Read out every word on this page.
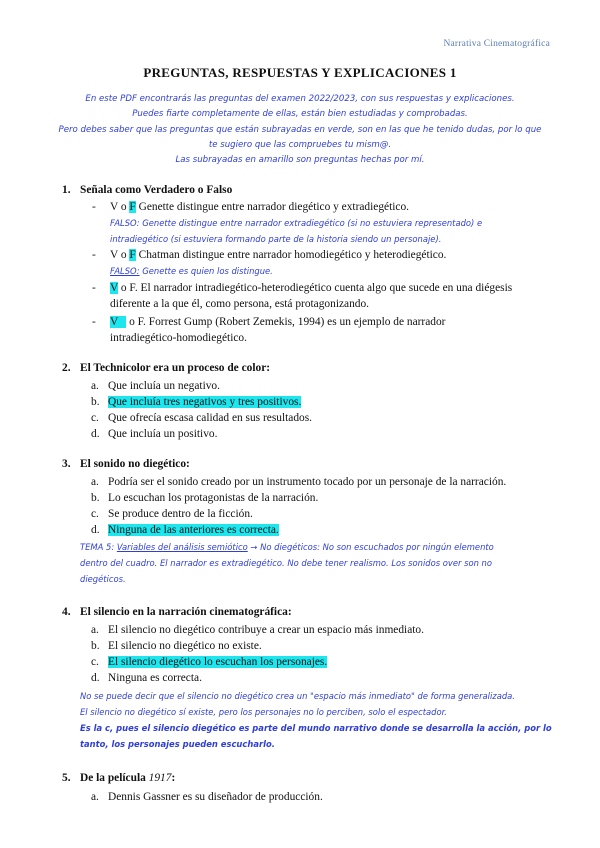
Narrativa Cinematográfica
PREGUNTAS, RESPUESTAS Y EXPLICACIONES 1
En este PDF encontrarás las preguntas del examen 2022/2023, con sus respuestas y explicaciones.
Puedes fiarte completamente de ellas, están bien estudiadas y comprobadas.
Pero debes saber que las preguntas que están subrayadas en verde, son en las que he tenido dudas, por lo que
te sugiero que las compruebes tu mism@.
Las subrayadas en amarillo son preguntas hechas por mí.
1. Señala como Verdadero o Falso
- V o F Genette distingue entre narrador diegético y extradiegético.
FALSO: Genette distingue entre narrador extradiegético (si no estuviera representado) e
intradiegético (si estuviera formando parte de la historia siendo un personaje).
- V o F Chatman distingue entre narrador homodiegético y heterodiegético.
FALSO: Genette es quien los distingue.
- V o F. El narrador intradiegético-heterodiegético cuenta algo que sucede en una diégesis
diferente a la que él, como persona, está protagonizando.
- V o F. Forrest Gump (Robert Zemekis, 1994) es un ejemplo de narrador
intradiegético-homodiegético.
2. El Technicolor era un proceso de color:
a. Que incluía un negativo.
b. Que incluía tres negativos y tres positivos.
c. Que ofrecía escasa calidad en sus resultados.
d. Que incluía un positivo.
3. El sonido no diegético:
a. Podría ser el sonido creado por un instrumento tocado por un personaje de la narración.
b. Lo escuchan los protagonistas de la narración.
c. Se produce dentro de la ficción.
d. Ninguna de las anteriores es correcta.
TEMA 5: Variables del análisis semiótico → No diegéticos: No son escuchados por ningún elemento
dentro del cuadro. El narrador es extradiegético. No debe tener realismo. Los sonidos over son no
diegéticos.
4. El silencio en la narración cinematográfica:
a. El silencio no diegético contribuye a crear un espacio más inmediato.
b. El silencio no diegético no existe.
c. El silencio diegético lo escuchan los personajes.
d. Ninguna es correcta.
No se puede decir que el silencio no diegético crea un "espacio más inmediato" de forma generalizada.
El silencio no diegético sí existe, pero los personajes no lo perciben, solo el espectador.
Es la c, pues el silencio diegético es parte del mundo narrativo donde se desarrolla la acción, por lo
tanto, los personajes pueden escucharlo.
5. De la película 1917:
a. Dennis Gassner es su diseñador de producción.
